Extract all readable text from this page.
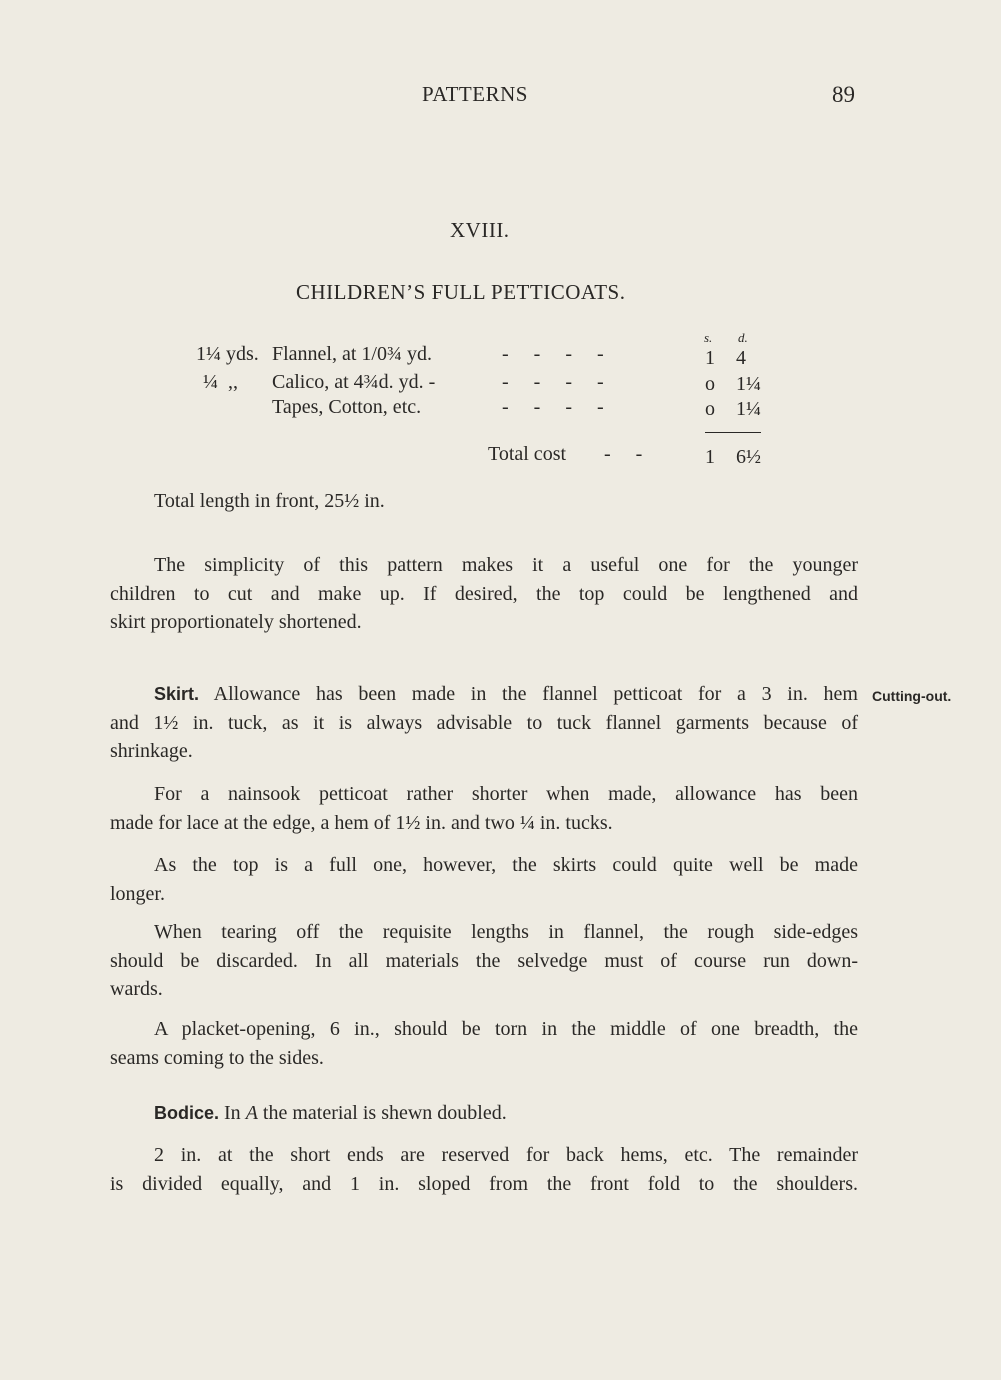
PATTERNS	89
XVIII.
CHILDREN’S FULL PETTICOATS.
s. d.
1¼ yds. Flannel, at 1/0¾ yd.	-     -     -     -	1 4
¼  ,, Calico, at 4¾d. yd. -	-     -     -     -	o 1¼
Tapes, Cotton, etc.	-     -     -     -	o 1¼
Total cost -     -	1 6½
Total length in front, 25½ in.
The simplicity of this pattern makes it a useful one for the younger
children to cut and make up. If desired, the top could be lengthened and
skirt proportionately shortened.
Skirt. Allowance has been made in the flannel petticoat for a 3 in. hem
and 1½ in. tuck, as it is always advisable to tuck flannel garments because of
shrinkage.
Cutting-out.
For a nainsook petticoat rather shorter when made, allowance has been
made for lace at the edge, a hem of 1½ in. and two ¼ in. tucks.
As the top is a full one, however, the skirts could quite well be made
longer.
When tearing off the requisite lengths in flannel, the rough side-edges
should be discarded. In all materials the selvedge must of course run down-
wards.
A placket-opening, 6 in., should be torn in the middle of one breadth, the
seams coming to the sides.
Bodice. In A the material is shewn doubled.
2 in. at the short ends are reserved for back hems, etc. The remainder
is divided equally, and 1 in. sloped from the front fold to the shoulders.
